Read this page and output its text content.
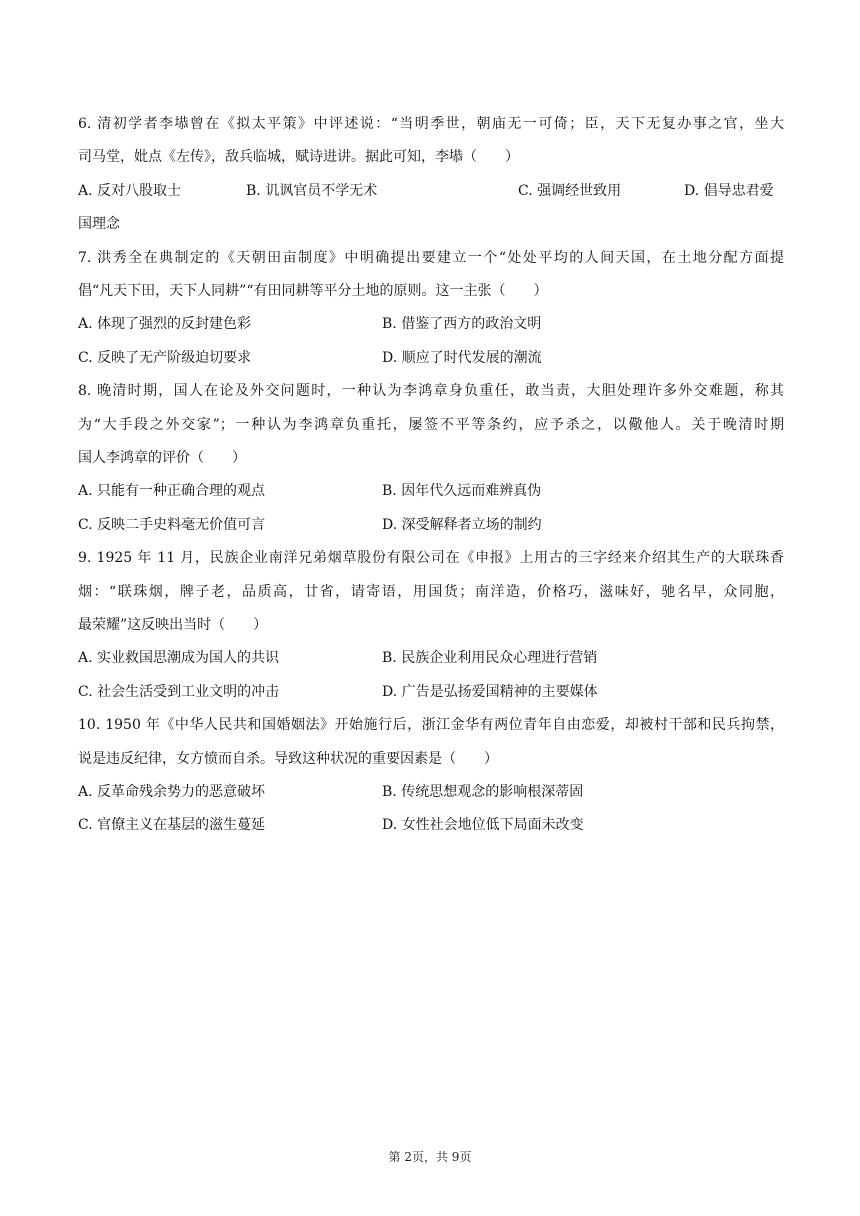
6. 清初学者李塨曾在《拟太平策》中评述说：“当明季世，朝庙无一可倚；臣，天下无复办事之官，坐大
司马堂，妣点《左传》，敌兵临城，赋诗进讲。据此可知，李塨（　　）
A. 反对八股取士	B. 讥讽官员不学无术	C. 强调经世致用	D. 倡导忠君爱
国理念
7. 洪秀全在典制定的《天朝田亩制度》中明确提出要建立一个“处处平均的人间天国，在土地分配方面提
倡“凡天下田，天下人同耕”“有田同耕等平分土地的原则。这一主张（　　）
A. 体现了强烈的反封建色彩	B. 借鉴了西方的政治文明
C. 反映了无产阶级迫切要求	D. 顺应了时代发展的潮流
8. 晚清时期，国人在论及外交问题时，一种认为李鸿章身负重任，敢当责，大胆处理许多外交难题，称其
为“大手段之外交家”；一种认为李鸿章负重托，屡签不平等条约，应予杀之，以儆他人。关于晚清时期
国人李鸿章的评价（　　）
A. 只能有一种正确合理的观点	B. 因年代久远而难辨真伪
C. 反映二手史料毫无价值可言	D. 深受解释者立场的制约
9. 1925 年 11 月，民族企业南洋兄弟烟草股份有限公司在《申报》上用古的三字经来介绍其生产的大联珠香
烟：“联珠烟，牌子老，品质高，廿省，请寄语，用国货；南洋造，价格巧，滋味好，驰名早，众同胞，
最荣耀”这反映出当时（　　）
A. 实业救国思潮成为国人的共识	B. 民族企业利用民众心理进行营销
C. 社会生活受到工业文明的冲击	D. 广告是弘扬爱国精神的主要媒体
10. 1950 年《中华人民共和国婚姻法》开始施行后，浙江金华有两位青年自由恋爱，却被村干部和民兵拘禁，
说是违反纪律，女方愤而自杀。导致这种状况的重要因素是（　　）
A. 反革命残余势力的恶意破坏	B. 传统思想观念的影响根深蒂固
C. 官僚主义在基层的滋生蔓延	D. 女性社会地位低下局面未改变
第 2页，共 9页
